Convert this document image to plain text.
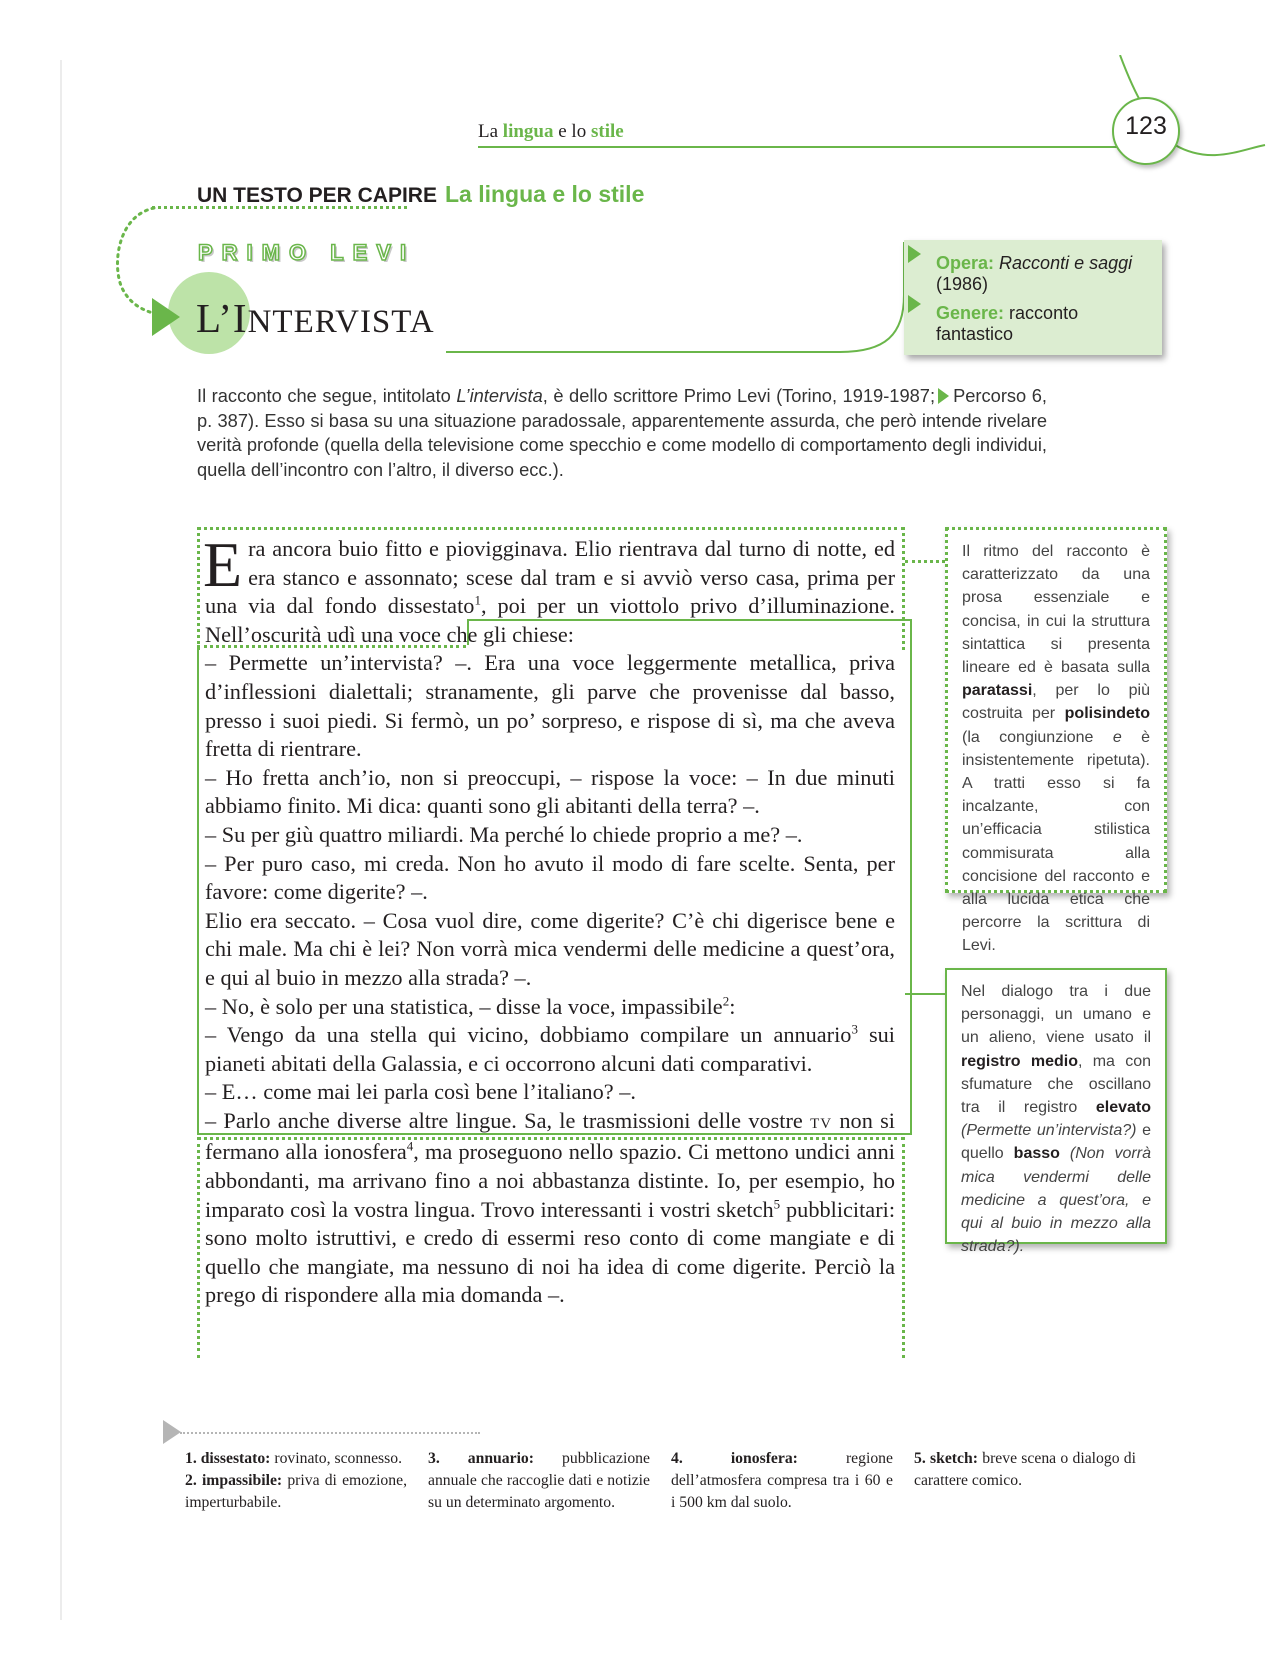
La lingua e lo stile	123
UN TESTO PER CAPIRE La lingua e lo stile
PRIMO LEVI
L’INTERVISTA
Opera: Racconti e saggi
(1986)
Genere: racconto fantastico
Il racconto che segue, intitolato L’intervista, è dello scrittore Primo Levi (Torino, 1919-1987; Percorso 6, p. 387). Esso si basa su una situazione paradossale, apparentemente assurda, che però intende rivelare verità profonde (quella della televisione come specchio e come modello di comportamento degli individui, quella dell’incontro con l’altro, il diverso ecc.).

Era ancora buio fitto e piovigginava. Elio rientrava dal turno di notte, ed era stanco e assonnato; scese dal tram e si avviò verso casa, prima per una via dal fondo dissestato$^1$, poi per un viottolo privo d’illuminazione. Nell’oscurità udì una voce che gli chiese:

– Permette un’intervista? –. Era una voce leggermente metallica, priva d’inflessioni dialettali; stranamente, gli parve che provenisse dal basso, presso i suoi piedi. Si fermò, un po’ sorpreso, e rispose di sì, ma che aveva fretta di rientrare.

– Ho fretta anch’io, non si preoccupi, – rispose la voce: – In due minuti abbiamo finito. Mi dica: quanti sono gli abitanti della terra? –.

– Su per giù quattro miliardi. Ma perché lo chiede proprio a me? –.

– Per puro caso, mi creda. Non ho avuto il modo di fare scelte. Senta, per favore: come digerite? –.

Elio era seccato. – Cosa vuol dire, come digerite? C’è chi digerisce bene e chi male. Ma chi è lei? Non vorrà mica vendermi delle medicine a quest’ora, e qui al buio in mezzo alla strada? –.

– No, è solo per una statistica, – disse la voce, impassibile$^2$:

– Vengo da una stella qui vicino, dobbiamo compilare un annuario$^3$ sui pianeti abitati della Galassia, e ci occorrono alcuni dati comparativi.

– E… come mai lei parla così bene l’italiano? –.

– Parlo anche diverse altre lingue. Sa, le trasmissioni delle vostre TV non si fermano alla ionosfera$^4$, ma proseguono nello spazio. Ci mettono undici anni abbondanti, ma arrivano fino a noi abbastanza distinte. Io, per esempio, ho imparato così la vostra lingua. Trovo interessanti i vostri sketch$^5$ pubblicitari: sono molto istruttivi, e credo di essermi reso conto di come mangiate e di quello che mangiate, ma nessuno di noi ha idea di come digerite. Perciò la prego di rispondere alla mia domanda –.

Il ritmo del racconto è caratterizzato da una prosa essenziale e concisa, in cui la struttura sintattica si presenta lineare ed è basata sulla paratassi, per lo più costruita per polisindeto (la congiunzione e è insistentemente ripetuta). A tratti esso si fa incalzante, con un’efficacia stilistica commisurata alla concisione del racconto e alla lucida etica che percorre la scrittura di Levi.
Nel dialogo tra i due personaggi, un umano e un alieno, viene usato il registro medio, ma con sfumature che oscillano tra il registro elevato (Permette un’intervista?) e quello basso (Non vorrà mica vendermi delle medicine a quest’ora, e qui al buio in mezzo alla strada?).
1. dissestato: rovinato, sconnesso.
2. impassibile: priva di emozione, imperturbabile.
3. annuario: pubblicazione annuale che raccoglie dati e notizie su un determinato argomento.
4. ionosfera:	regione dell’atmosfera compresa tra i 60 e i 500 km dal suolo.
5. sketch: breve scena o dialogo di carattere comico.
